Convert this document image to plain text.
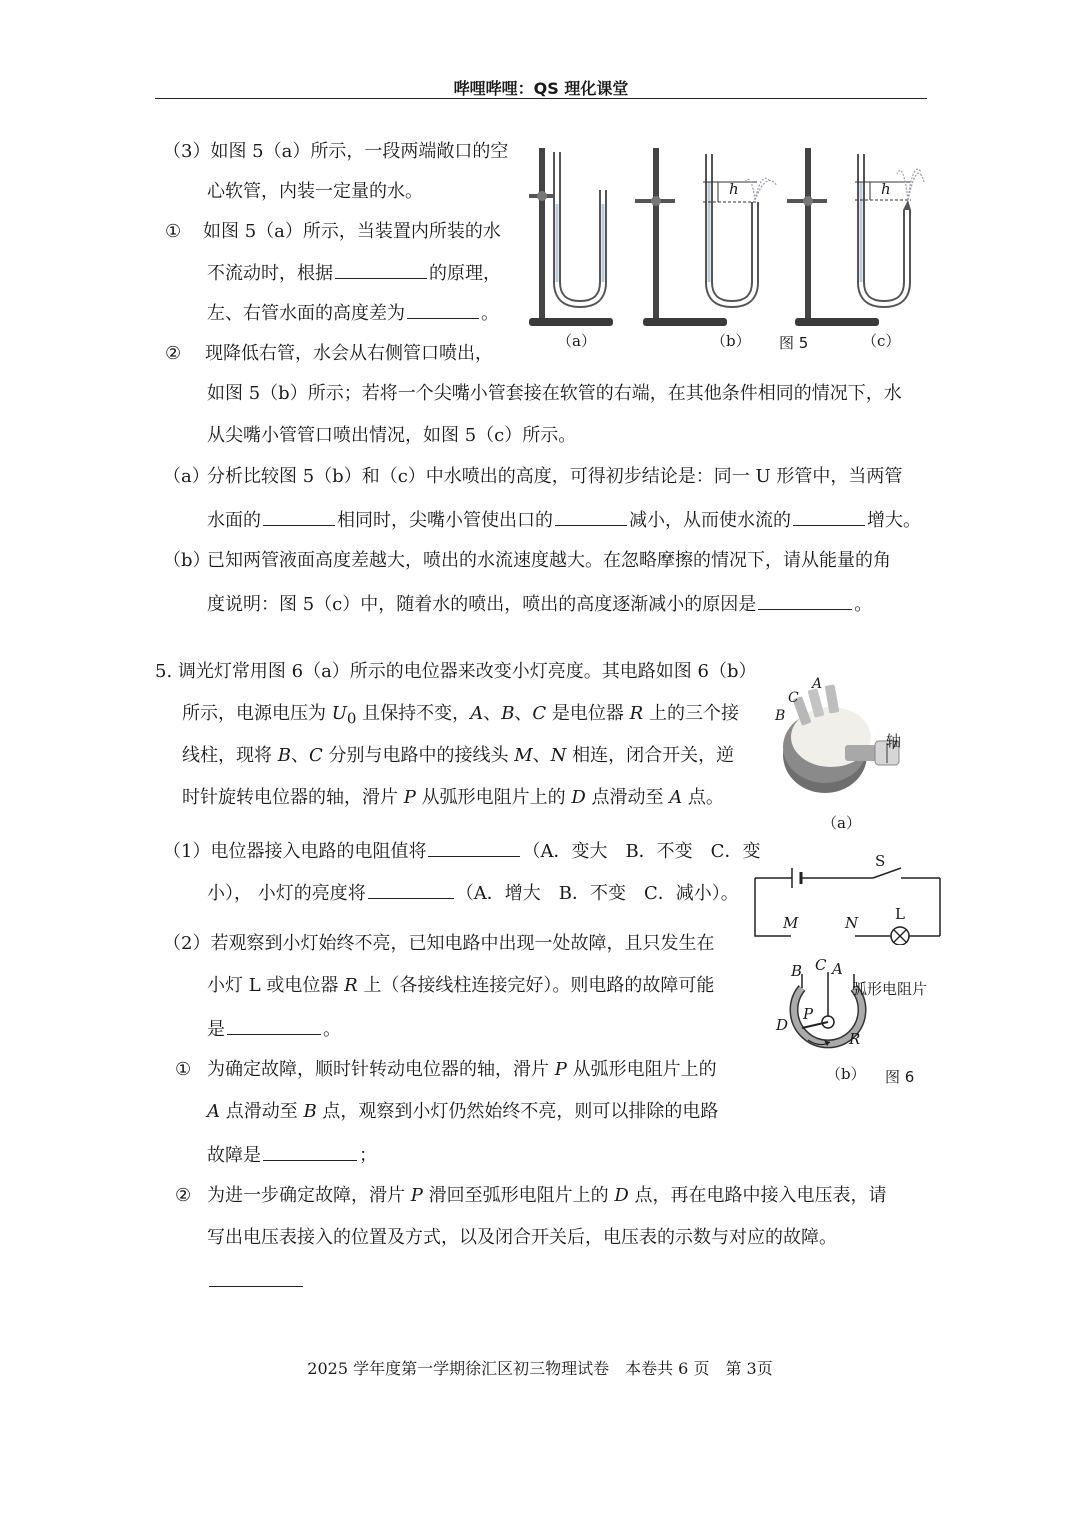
哔哩哔哩：QS 理化课堂
（3）如图 5（a）所示，一段两端敞口的空
心软管，内装一定量的水。
① 如图 5（a）所示，当装置内所装的水
不流动时，根据	的原理，
左、右管水面的高度差为	。
② 现降低右管，水会从右侧管口喷出，
如图 5（b）所示；若将一个尖嘴小管套接在软管的右端，在其他条件相同的情况下，水
从尖嘴小管管口喷出情况，如图 5（c）所示。
（a）
分析比较图 5（b）和（c）中水喷出的高度，可得初步结论是：同一 U 形管中，当两管
水面的	相同时，尖嘴小管使出口的	减小，从而使水流的	增大。
（b）
已知两管液面高度差越大，喷出的水流速度越大。在忽略摩擦的情况下，请从能量的角
度说明：图 5（c）中，随着水的喷出，喷出的高度逐渐减小的原因是	。
h	h
（a）	（b） 图 5	（c）
5. 调光灯常用图 6（a）所示的电位器来改变小灯亮度。其电路如图 6（b）
所示，电源电压为 $U_0$ 且保持不变，A、B、C 是电位器 R 上的三个接
线柱，现将 B、C 分别与电路中的接线头 M、N 相连，闭合开关，逆
时针旋转电位器的轴，滑片 P 从弧形电阻片上的 D 点滑动至 A 点。
（1）电位器接入电路的电阻值将	（A．变大　B．不变　C．变
小）， 小灯的亮度将	（A．增大　B．不变　C．减小）。
（2）若观察到小灯始终不亮，已知电路中出现一处故障，且只发生在
小灯 L 或电位器 R 上（各接线柱连接完好）。则电路的故障可能
是	。
① 为确定故障，顺时针转动电位器的轴，滑片 P 从弧形电阻片上的
A 点滑动至 B 点，观察到小灯仍然始终不亮，则可以排除的电路
故障是	；
② 为进一步确定故障，滑片 P 滑回至弧形电阻片上的 D 点，再在电路中接入电压表，请
写出电压表接入的位置及方式，以及闭合开关后，电压表的示数与对应的故障。
A
C
B
轴
（a）
S
L
M	N
B C A
弧形电阻片
D
P
R
（b） 图 6
2025 学年度第一学期徐汇区初三物理试卷　本卷共 6 页　第 3页
